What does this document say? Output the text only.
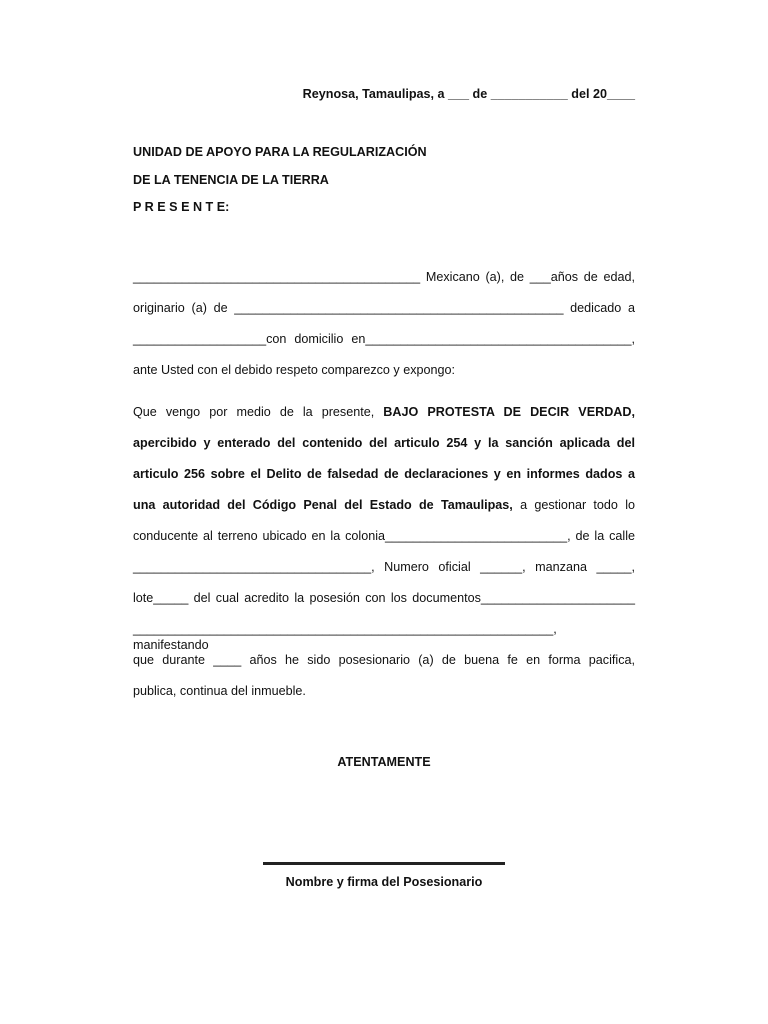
Reynosa, Tamaulipas, a ___ de ___________ del 20____
UNIDAD DE APOYO PARA LA REGULARIZACIÓN
DE LA TENENCIA DE LA TIERRA
P R E S E N T E:
_________________________________________ Mexicano (a), de ___años de edad,
originario (a) de _______________________________________________ dedicado a
___________________con domicilio en______________________________________,
ante Usted con el debido respeto comparezco y expongo:
Que vengo por medio de la presente, BAJO PROTESTA DE DECIR VERDAD,
apercibido y enterado del contenido del articulo 254 y la sanción aplicada del
articulo 256 sobre el Delito de falsedad de declaraciones y en informes dados a
una autoridad del Código Penal del Estado de Tamaulipas, a gestionar todo lo
conducente al terreno ubicado en la colonia__________________________, de la calle
__________________________________, Numero oficial ______, manzana _____,
lote_____ del cual acredito la posesión con los documentos______________________
____________________________________________________________, manifestando
que durante ____ años he sido posesionario (a) de buena fe en forma pacifica,
publica, continua del inmueble.
ATENTAMENTE
Nombre y firma del Posesionario
